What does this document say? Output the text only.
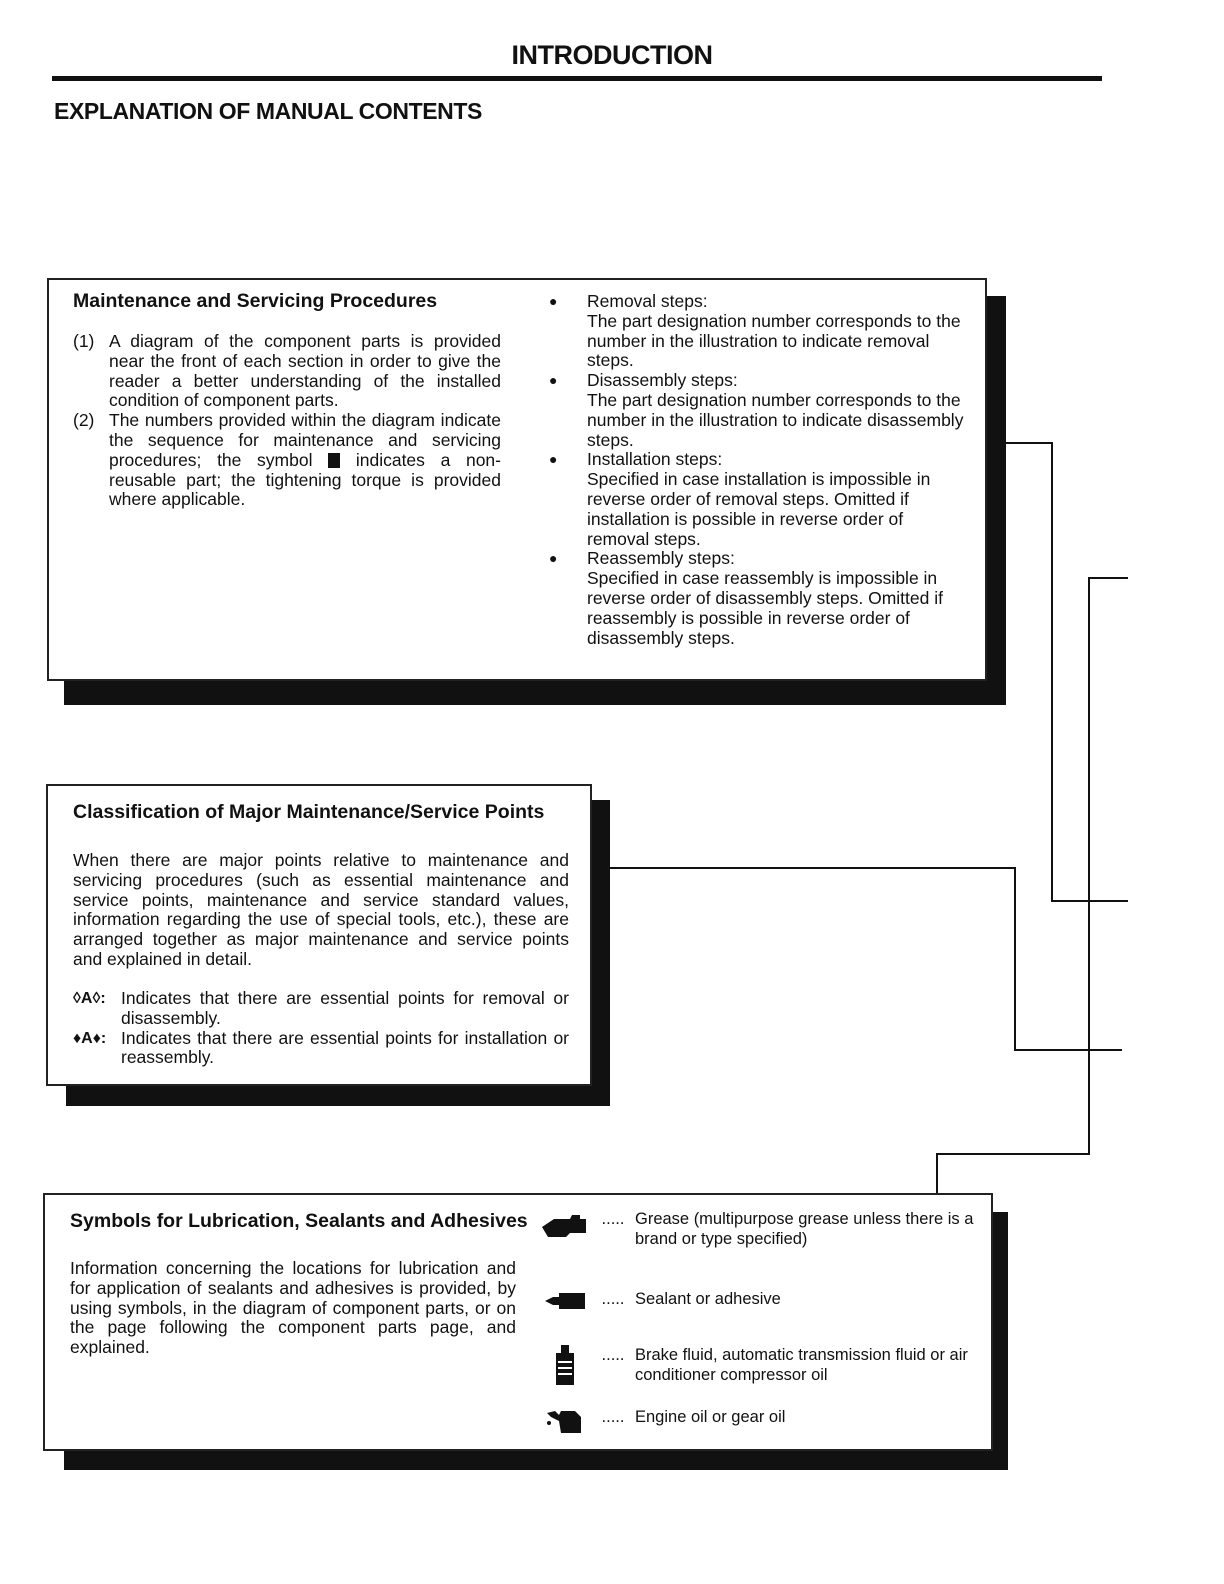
INTRODUCTION
EXPLANATION OF MANUAL CONTENTS
Maintenance and Servicing Procedures
(1) A diagram of the component parts is provided near the front of each section in order to give the reader a better understanding of the installed condition of component parts.
(2) The numbers provided within the diagram indicate the sequence for maintenance and servicing procedures; the symbol indicates a non-reusable part; the tightening torque is provided where applicable.
●	Removal steps:
The part designation number corresponds to the number in the illustration to indicate removal steps.
●	Disassembly steps:
The part designation number corresponds to the number in the illustration to indicate disassembly steps.
●	Installation steps:
Specified in case installation is impossible in reverse order of removal steps. Omitted if installation is possible in reverse order of removal steps.
●	Reassembly steps:
Specified in case reassembly is impossible in reverse order of disassembly steps. Omitted if reassembly is possible in reverse order of disassembly steps.
Classification of Major Maintenance/Service Points
When there are major points relative to maintenance and servicing procedures (such as essential maintenance and service points, maintenance and service standard values, information regarding the use of special tools, etc.), these are arranged together as major maintenance and service points and explained in detail.
◊A◊: Indicates that there are essential points for removal or disassembly.
♦A♦: Indicates that there are essential points for installation or reassembly.
Symbols for Lubrication, Sealants and Adhesives
Information concerning the locations for lubrication and for application of sealants and adhesives is provided, by using symbols, in the diagram of component parts, or on the page following the component parts page, and explained.
..... Grease (multipurpose grease unless there is a brand or type specified)
..... Sealant or adhesive
..... Brake fluid, automatic transmission fluid or air conditioner compressor oil
..... Engine oil or gear oil
